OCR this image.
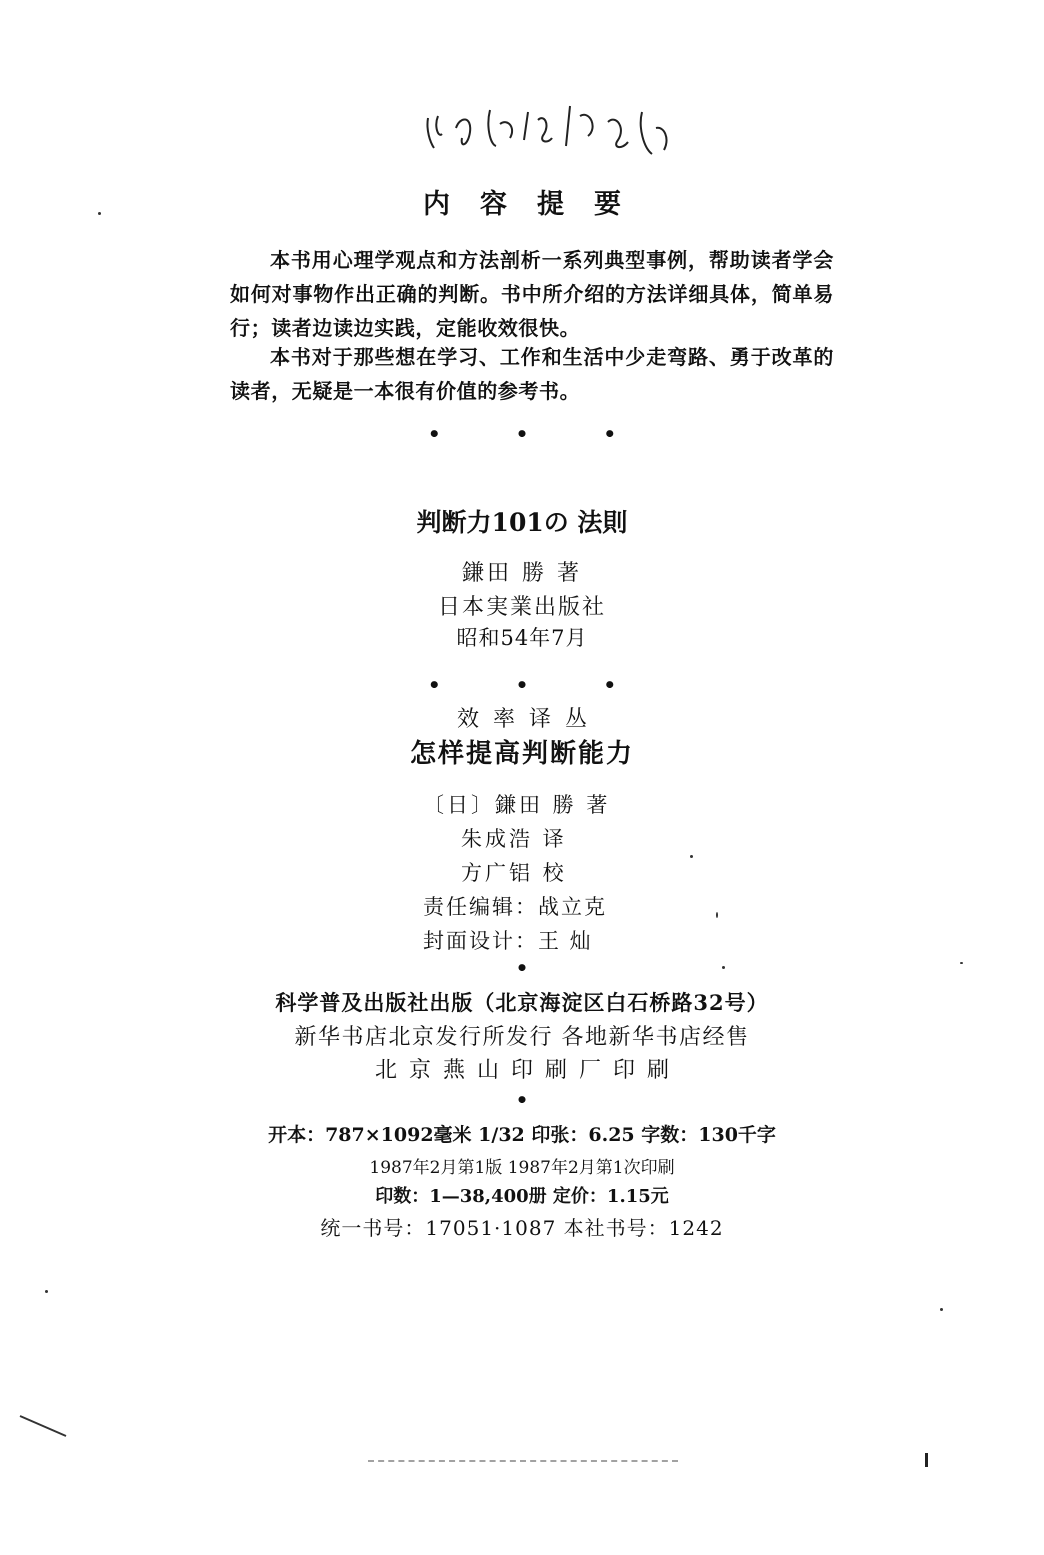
内容提要
本书用心理学观点和方法剖析一系列典型事例，帮助读者学会如何对事物作出正确的判断。书中所介绍的方法详细具体，简单易行；读者边读边实践，定能收效很快。
本书对于那些想在学习、工作和生活中少走弯路、勇于改革的读者，无疑是一本很有价值的参考书。
• • •
判断力101の 法則
鎌田 勝 著
日本実業出版社
昭和54年7月
• • •
效率译丛
怎样提高判断能力
〔日〕鎌田 勝 著
朱成浩 译
方广铝 校
责任编辑：战立克
封面设计：王 灿
•
科学普及出版社出版（北京海淀区白石桥路32号）
新华书店北京发行所发行 各地新华书店经售
北京燕山印刷厂印刷
•
开本：787×1092毫米 1/32 印张：6.25 字数：130千字
1987年2月第1版 1987年2月第1次印刷
印数：1—38,400册 定价：1.15元
统一书号：17051·1087 本社书号：1242
